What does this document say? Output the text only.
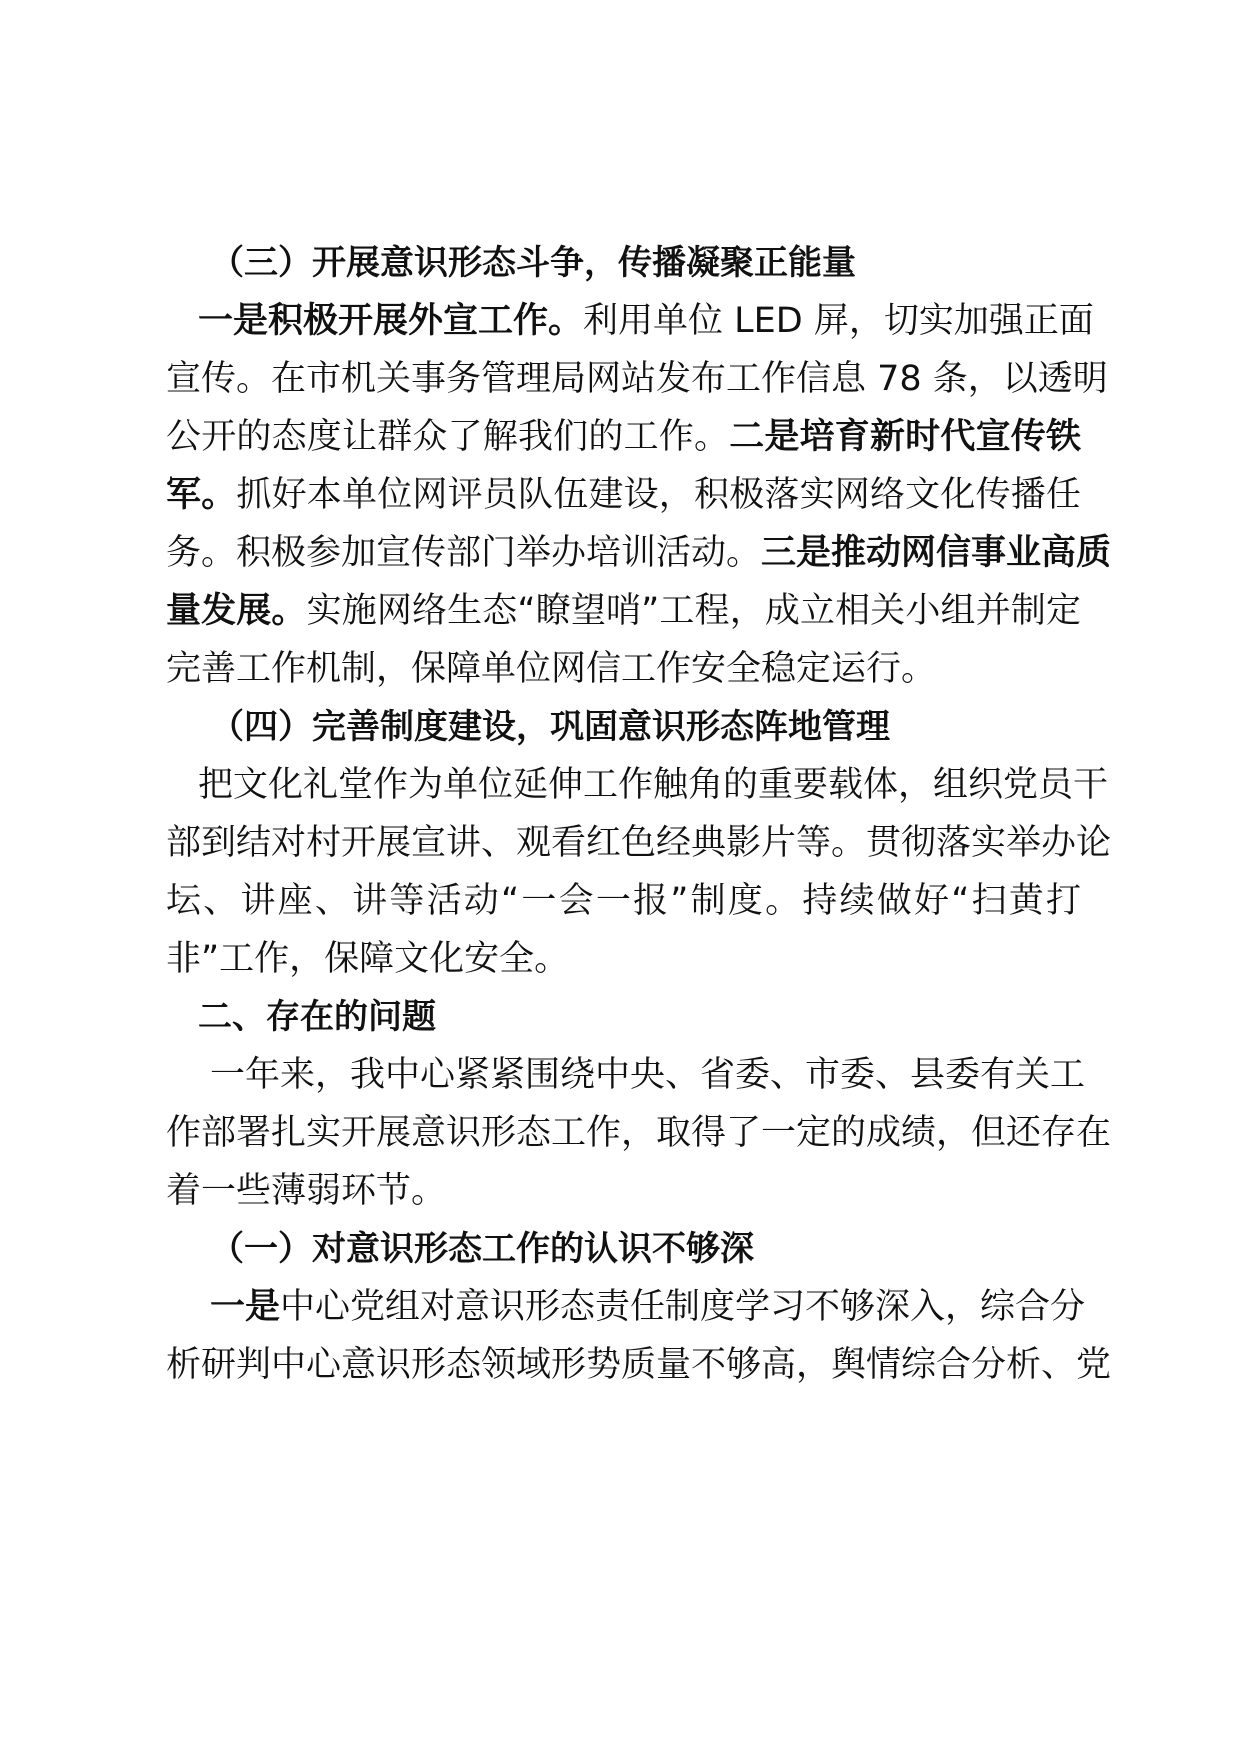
（三）开展意识形态斗争，传播凝聚正能量
一是积极开展外宣工作。利用单位 LED 屏，切实加强正面
宣传。在市机关事务管理局网站发布工作信息 78 条，以透明
公开的态度让群众了解我们的工作。二是培育新时代宣传铁
军。抓好本单位网评员队伍建设，积极落实网络文化传播任
务。积极参加宣传部门举办培训活动。三是推动网信事业高质
量发展。实施网络生态“瞭望哨”工程，成立相关小组并制定
完善工作机制，保障单位网信工作安全稳定运行。
（四）完善制度建设，巩固意识形态阵地管理
把文化礼堂作为单位延伸工作触角的重要载体，组织党员干
部到结对村开展宣讲、观看红色经典影片等。贯彻落实举办论
坛、讲座、讲等活动“一会一报”制度。持续做好“扫黄打
非”工作，保障文化安全。
二、存在的问题
一年来，我中心紧紧围绕中央、省委、市委、县委有关工
作部署扎实开展意识形态工作，取得了一定的成绩，但还存在
着一些薄弱环节。
（一）对意识形态工作的认识不够深
一是中心党组对意识形态责任制度学习不够深入，综合分
析研判中心意识形态领域形势质量不够高，舆情综合分析、党
